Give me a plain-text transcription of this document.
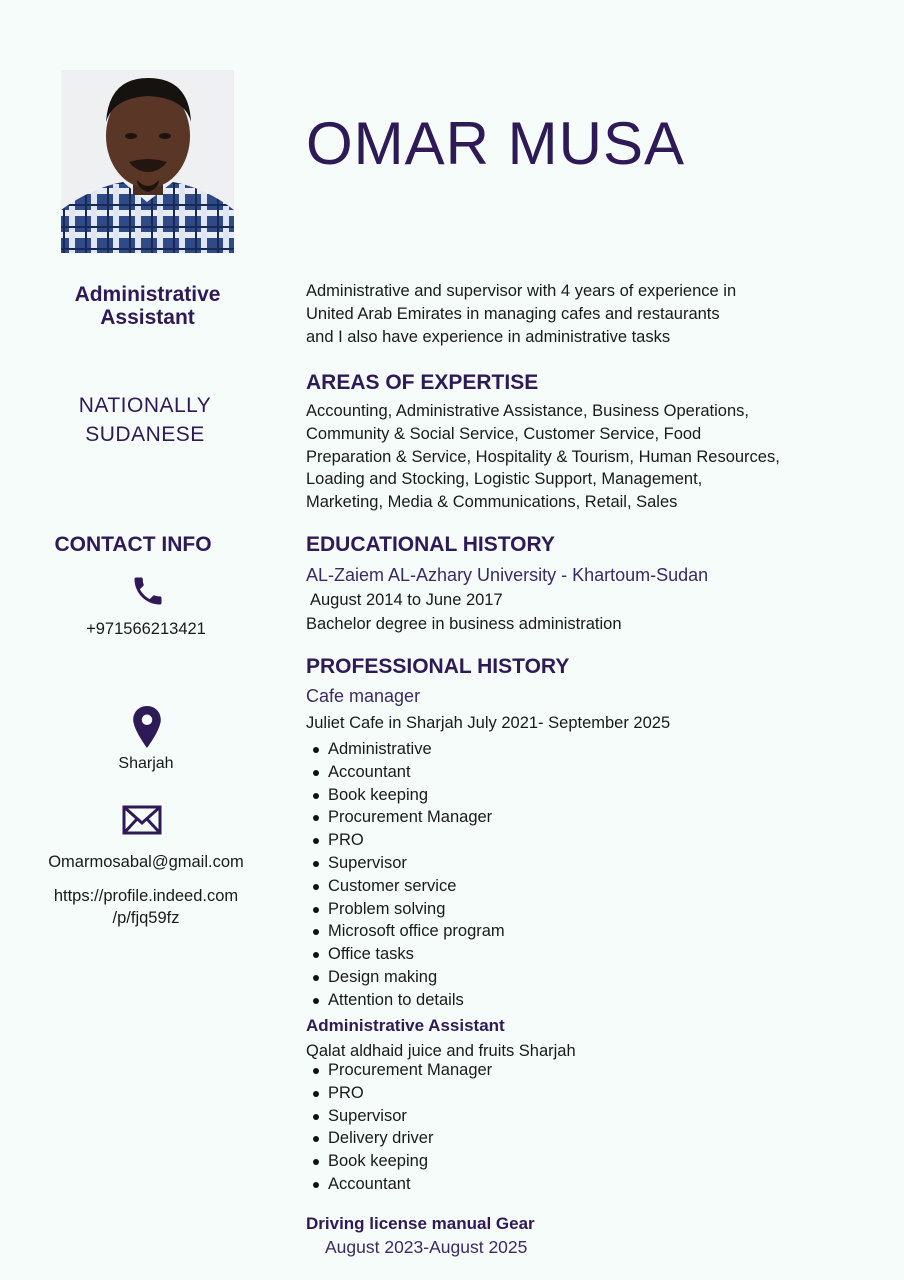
OMAR MUSA
Administrative
Assistant
NATIONALLY
SUDANESE
CONTACT INFO
+971566213421
Sharjah
Omarmosabal@gmail.com
https://profile.indeed.com
/p/fjq59fz
Administrative and supervisor with 4 years of experience in
United Arab Emirates in managing cafes and restaurants
and I also have experience in administrative tasks
AREAS OF EXPERTISE
Accounting, Administrative Assistance, Business Operations,
Community & Social Service, Customer Service, Food
Preparation & Service, Hospitality & Tourism, Human Resources,
Loading and Stocking, Logistic Support, Management,
Marketing, Media & Communications, Retail, Sales
EDUCATIONAL HISTORY
AL-Zaiem AL-Azhary University - Khartoum-Sudan
August 2014 to June 2017
Bachelor degree in business administration
PROFESSIONAL HISTORY
Cafe manager
Juliet Cafe in Sharjah July 2021- September 2025
Administrative
Accountant
Book keeping
Procurement Manager
PRO
Supervisor
Customer service
Problem solving
Microsoft office program
Office tasks
Design making
Attention to details
Administrative Assistant
Qalat aldhaid juice and fruits Sharjah
Procurement Manager
PRO
Supervisor
Delivery driver
Book keeping
Accountant
Driving license manual Gear
August 2023-August 2025
